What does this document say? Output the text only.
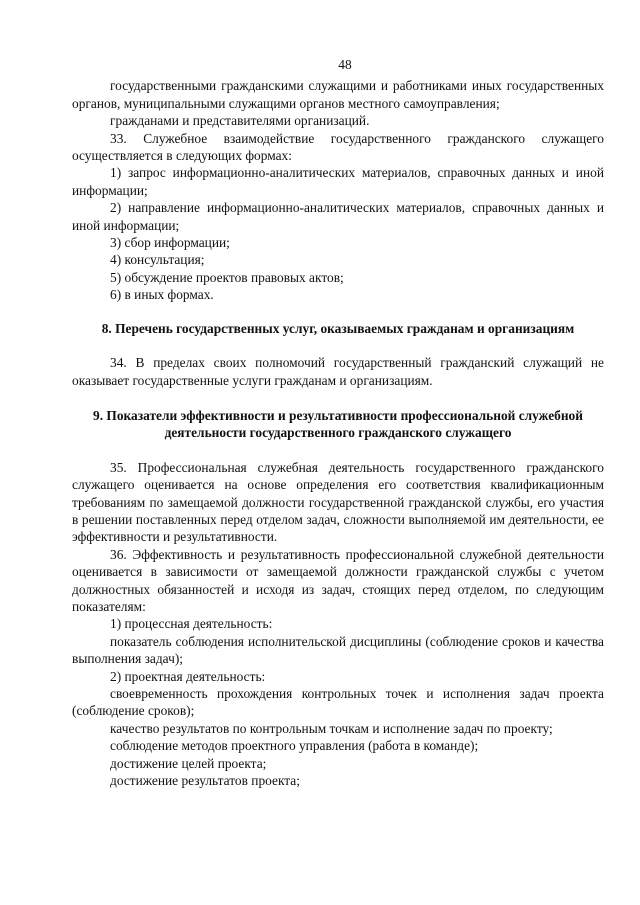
48

государственными гражданскими служащими и работниками иных государственных органов, муниципальными служащими органов местного самоуправления;

гражданами и представителями организаций.

33. Служебное взаимодействие государственного гражданского служащего осуществляется в следующих формах:

1) запрос информационно-аналитических материалов, справочных данных и иной информации;

2) направление информационно-аналитических материалов, справочных данных и иной информации;

3) сбор информации;

4) консультация;

5) обсуждение проектов правовых актов;

6) в иных формах.

8. Перечень государственных услуг, оказываемых гражданам и организациям

34. В пределах своих полномочий государственный гражданский служащий не оказывает государственные услуги гражданам и организациям.

9. Показатели эффективности и результативности профессиональной служебной деятельности государственного гражданского служащего

35. Профессиональная служебная деятельность государственного гражданского служащего оценивается на основе определения его соответствия квалификационным требованиям по замещаемой должности государственной гражданской службы, его участия в решении поставленных перед отделом задач, сложности выполняемой им деятельности, ее эффективности и результативности.

36. Эффективность и результативность профессиональной служебной деятельности оценивается в зависимости от замещаемой должности гражданской службы с учетом должностных обязанностей и исходя из задач, стоящих перед отделом, по следующим показателям:

1) процессная деятельность:

показатель соблюдения исполнительской дисциплины (соблюдение сроков и качества выполнения задач);

2) проектная деятельность:

своевременность прохождения контрольных точек и исполнения задач проекта (соблюдение сроков);

качество результатов по контрольным точкам и исполнение задач по проекту;

соблюдение методов проектного управления (работа в команде);

достижение целей проекта;

достижение результатов проекта;
